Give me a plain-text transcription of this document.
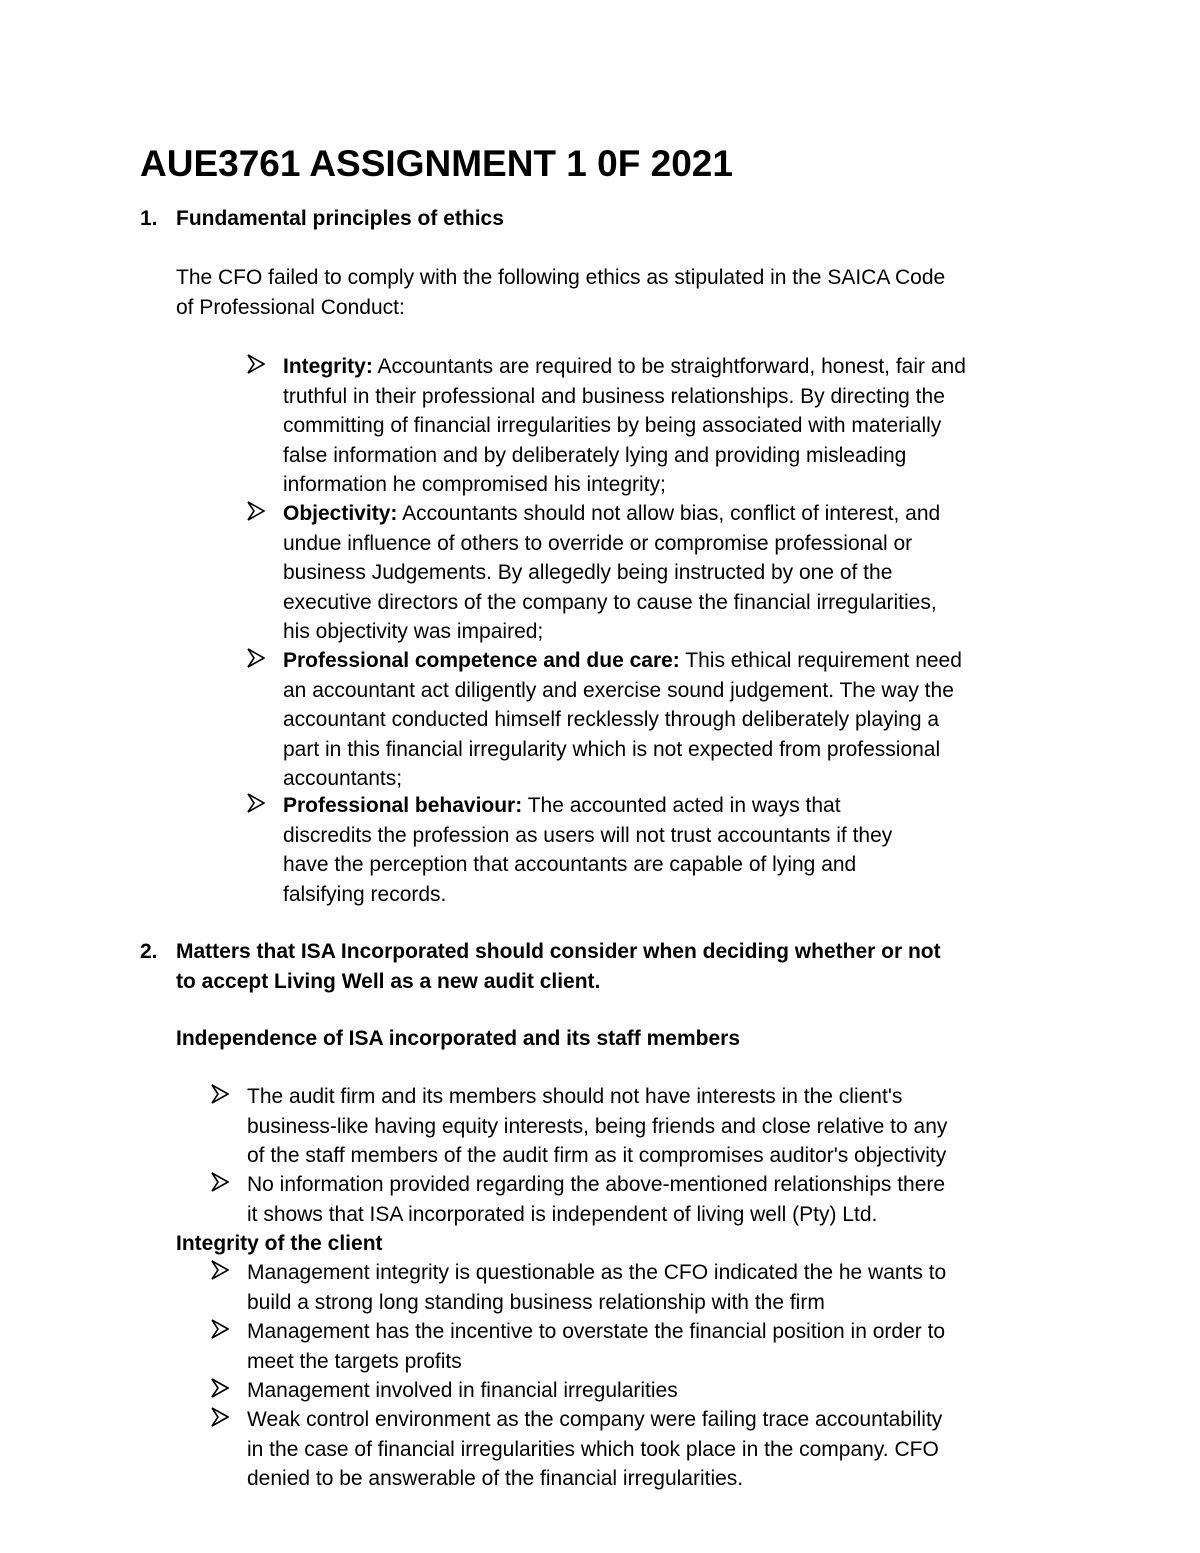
AUE3761 ASSIGNMENT 1 0F 2021
1. Fundamental principles of ethics

The CFO failed to comply with the following ethics as stipulated in the SAICA Code
of Professional Conduct:

Integrity: Accountants are required to be straightforward, honest, fair and
truthful in their professional and business relationships. By directing the
committing of financial irregularities by being associated with materially
false information and by deliberately lying and providing misleading
information he compromised his integrity;

Objectivity: Accountants should not allow bias, conflict of interest, and
undue influence of others to override or compromise professional or
business Judgements. By allegedly being instructed by one of the
executive directors of the company to cause the financial irregularities,
his objectivity was impaired;

Professional competence and due care: This ethical requirement need
an accountant act diligently and exercise sound judgement. The way the
accountant conducted himself recklessly through deliberately playing a
part in this financial irregularity which is not expected from professional
accountants;

Professional behaviour: The accounted acted in ways that
discredits the profession as users will not trust accountants if they
have the perception that accountants are capable of lying and
falsifying records.

2. Matters that ISA Incorporated should consider when deciding whether or not
to accept Living Well as a new audit client.

Independence of ISA incorporated and its staff members

The audit firm and its members should not have interests in the client's
business-like having equity interests, being friends and close relative to any
of the staff members of the audit firm as it compromises auditor's objectivity

No information provided regarding the above-mentioned relationships there
it shows that ISA incorporated is independent of living well (Pty) Ltd.

Integrity of the client

Management integrity is questionable as the CFO indicated the he wants to
build a strong long standing business relationship with the firm

Management has the incentive to overstate the financial position in order to
meet the targets profits

Management involved in financial irregularities

Weak control environment as the company were failing trace accountability
in the case of financial irregularities which took place in the company. CFO
denied to be answerable of the financial irregularities.
